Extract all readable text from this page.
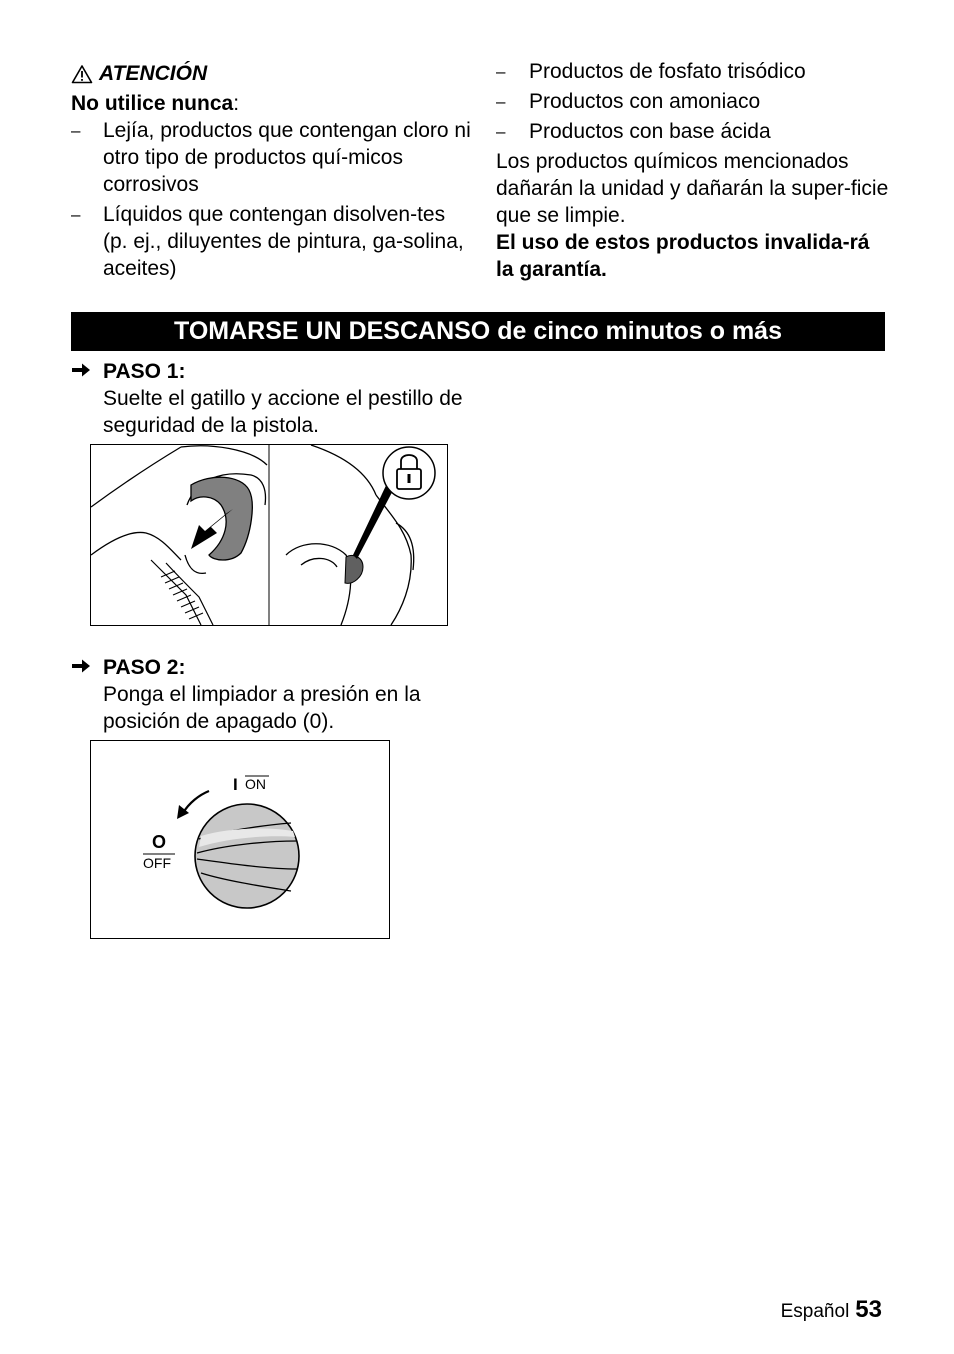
ATENCIÓN
No utilice nunca:
– Lejía, productos que contengan cloro ni otro tipo de productos quí-micos corrosivos
– Líquidos que contengan disolven-tes (p. ej., diluyentes de pintura, ga-solina, aceites)
– Productos de fosfato trisódico
– Productos con amoniaco
– Productos con base ácida

Los productos químicos mencionados dañarán la unidad y dañarán la super-ficie que se limpie.

El uso de estos productos invalida-rá la garantía.

TOMARSE UN DESCANSO de cinco minutos o más
PASO 1:
Suelte el gatillo y accione el pestillo de seguridad de la pistola.
PASO 2:
Ponga el limpiador a presión en la posición de apagado (0).
I ON
O
OFF
Español 53
